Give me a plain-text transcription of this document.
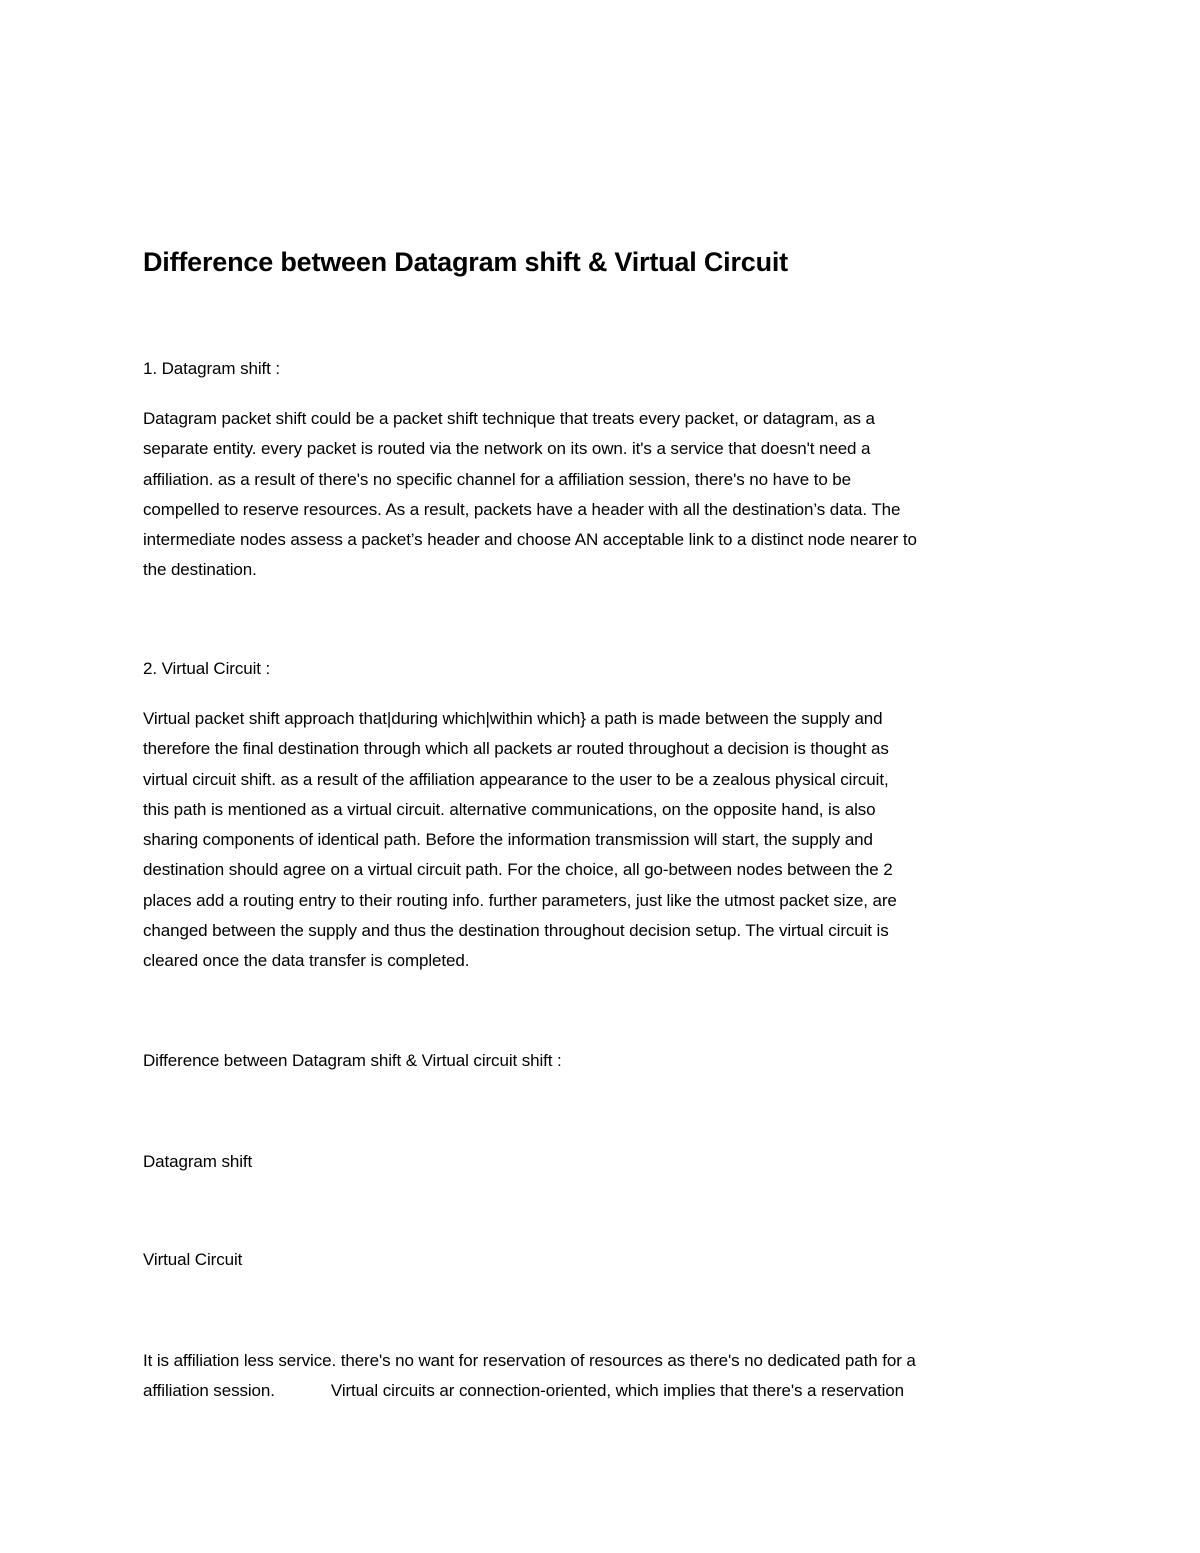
Difference between Datagram shift & Virtual Circuit
1. Datagram shift :
Datagram packet shift could be a packet shift technique that treats every packet, or datagram, as a
separate entity. every packet is routed via the network on its own. it's a service that doesn't need a
affiliation. as a result of there's no specific channel for a affiliation session, there's no have to be
compelled to reserve resources. As a result, packets have a header with all the destination’s data. The
intermediate nodes assess a packet’s header and choose AN acceptable link to a distinct node nearer to
the destination.
2. Virtual Circuit :
Virtual packet shift approach that|during which|within which} a path is made between the supply and
therefore the final destination through which all packets ar routed throughout a decision is thought as
virtual circuit shift. as a result of the affiliation appearance to the user to be a zealous physical circuit,
this path is mentioned as a virtual circuit. alternative communications, on the opposite hand, is also
sharing components of identical path. Before the information transmission will start, the supply and
destination should agree on a virtual circuit path. For the choice, all go-between nodes between the 2
places add a routing entry to their routing info. further parameters, just like the utmost packet size, are
changed between the supply and thus the destination throughout decision setup. The virtual circuit is
cleared once the data transfer is completed.
Difference between Datagram shift & Virtual circuit shift :
Datagram shift
Virtual Circuit
It is affiliation less service. there's no want for reservation of resources as there's no dedicated path for a
affiliation session.	Virtual circuits ar connection-oriented, which implies that there's a reservation
